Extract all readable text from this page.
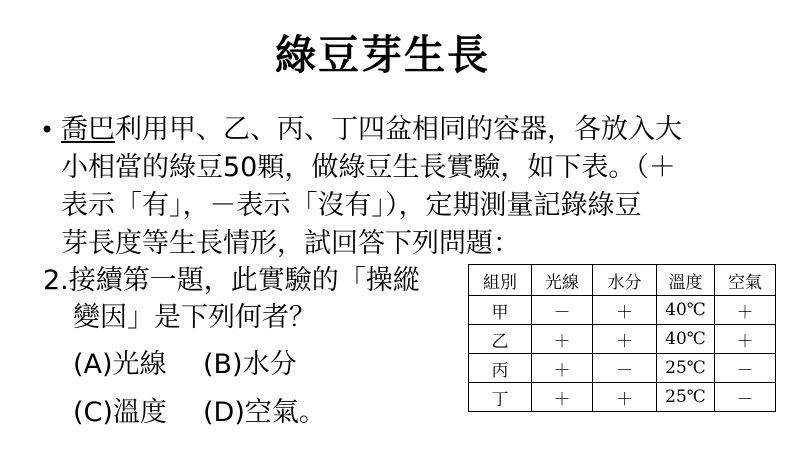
綠豆芽生長
• 喬巴利用甲、乙、丙、丁四盆相同的容器，各放入大
小相當的綠豆50顆，做綠豆生長實驗，如下表。（＋
表示「有」，－表示「沒有」），定期測量記錄綠豆
芽長度等生長情形，試回答下列問題：
2.接續第一題，此實驗的「操縱
變因」是下列何者？
(A)光線 (B)水分
(C)溫度 (D)空氣。
組別	光線	水分	溫度	空氣
甲	－	＋	40℃	＋
乙	＋	＋	40℃	＋
丙	＋	－	25℃	－
丁	＋	＋	25℃	－
